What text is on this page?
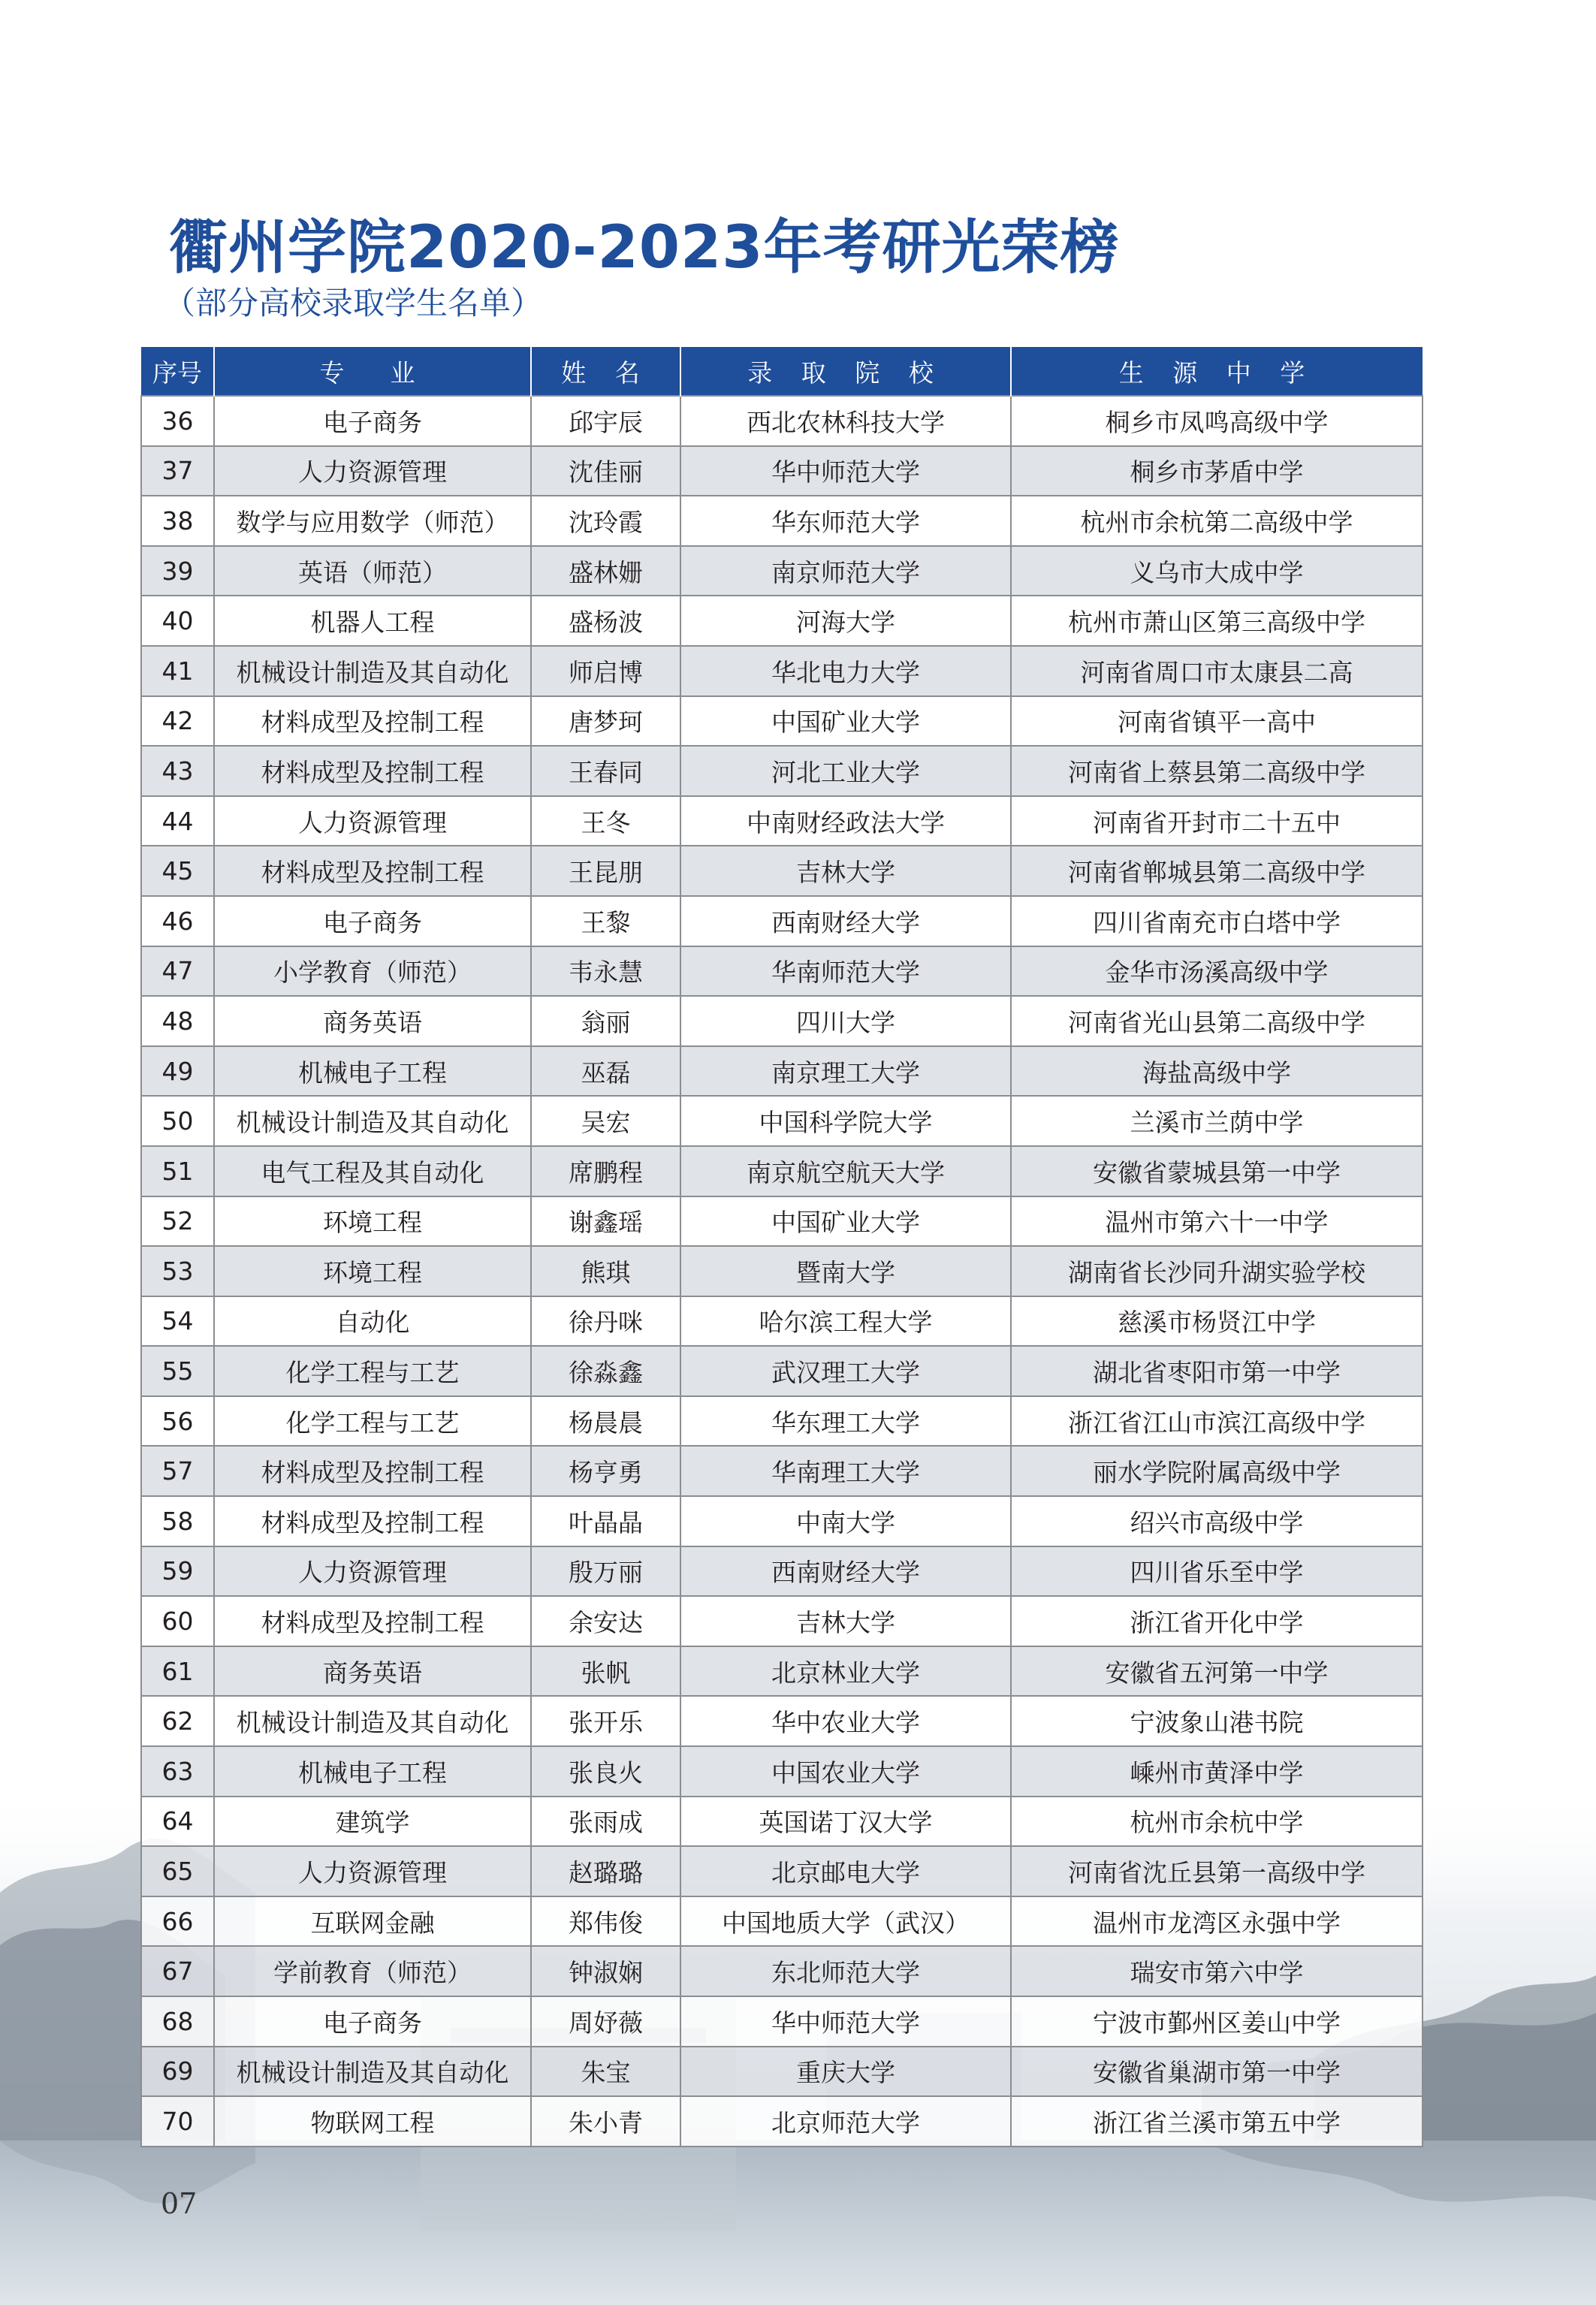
衢州学院2020-2023年考研光荣榜

（部分高校录取学生名单）

序号	专　业	姓 名	录 取 院 校	生 源 中 学
36	电子商务	邱宇辰	西北农林科技大学	桐乡市凤鸣高级中学
37	人力资源管理	沈佳丽	华中师范大学	桐乡市茅盾中学
38	数学与应用数学（师范）	沈玲霞	华东师范大学	杭州市余杭第二高级中学
39	英语（师范）	盛林姗	南京师范大学	义乌市大成中学
40	机器人工程	盛杨波	河海大学	杭州市萧山区第三高级中学
41	机械设计制造及其自动化	师启博	华北电力大学	河南省周口市太康县二高
42	材料成型及控制工程	唐梦珂	中国矿业大学	河南省镇平一高中
43	材料成型及控制工程	王春同	河北工业大学	河南省上蔡县第二高级中学
44	人力资源管理	王冬	中南财经政法大学	河南省开封市二十五中
45	材料成型及控制工程	王昆朋	吉林大学	河南省郸城县第二高级中学
46	电子商务	王黎	西南财经大学	四川省南充市白塔中学
47	小学教育（师范）	韦永慧	华南师范大学	金华市汤溪高级中学
48	商务英语	翁丽	四川大学	河南省光山县第二高级中学
49	机械电子工程	巫磊	南京理工大学	海盐高级中学
50	机械设计制造及其自动化	吴宏	中国科学院大学	兰溪市兰荫中学
51	电气工程及其自动化	席鹏程	南京航空航天大学	安徽省蒙城县第一中学
52	环境工程	谢鑫瑶	中国矿业大学	温州市第六十一中学
53	环境工程	熊琪	暨南大学	湖南省长沙同升湖实验学校
54	自动化	徐丹咪	哈尔滨工程大学	慈溪市杨贤江中学
55	化学工程与工艺	徐淼鑫	武汉理工大学	湖北省枣阳市第一中学
56	化学工程与工艺	杨晨晨	华东理工大学	浙江省江山市滨江高级中学
57	材料成型及控制工程	杨亨勇	华南理工大学	丽水学院附属高级中学
58	材料成型及控制工程	叶晶晶	中南大学	绍兴市高级中学
59	人力资源管理	殷万丽	西南财经大学	四川省乐至中学
60	材料成型及控制工程	余安达	吉林大学	浙江省开化中学
61	商务英语	张帆	北京林业大学	安徽省五河第一中学
62	机械设计制造及其自动化	张开乐	华中农业大学	宁波象山港书院
63	机械电子工程	张良火	中国农业大学	嵊州市黄泽中学
64	建筑学	张雨成	英国诺丁汉大学	杭州市余杭中学
65	人力资源管理	赵璐璐	北京邮电大学	河南省沈丘县第一高级中学
66	互联网金融	郑伟俊	中国地质大学（武汉）	温州市龙湾区永强中学
67	学前教育（师范）	钟淑娴	东北师范大学	瑞安市第六中学
68	电子商务	周妤薇	华中师范大学	宁波市鄞州区姜山中学
69	机械设计制造及其自动化	朱宝	重庆大学	安徽省巢湖市第一中学
70	物联网工程	朱小青	北京师范大学	浙江省兰溪市第五中学
07
